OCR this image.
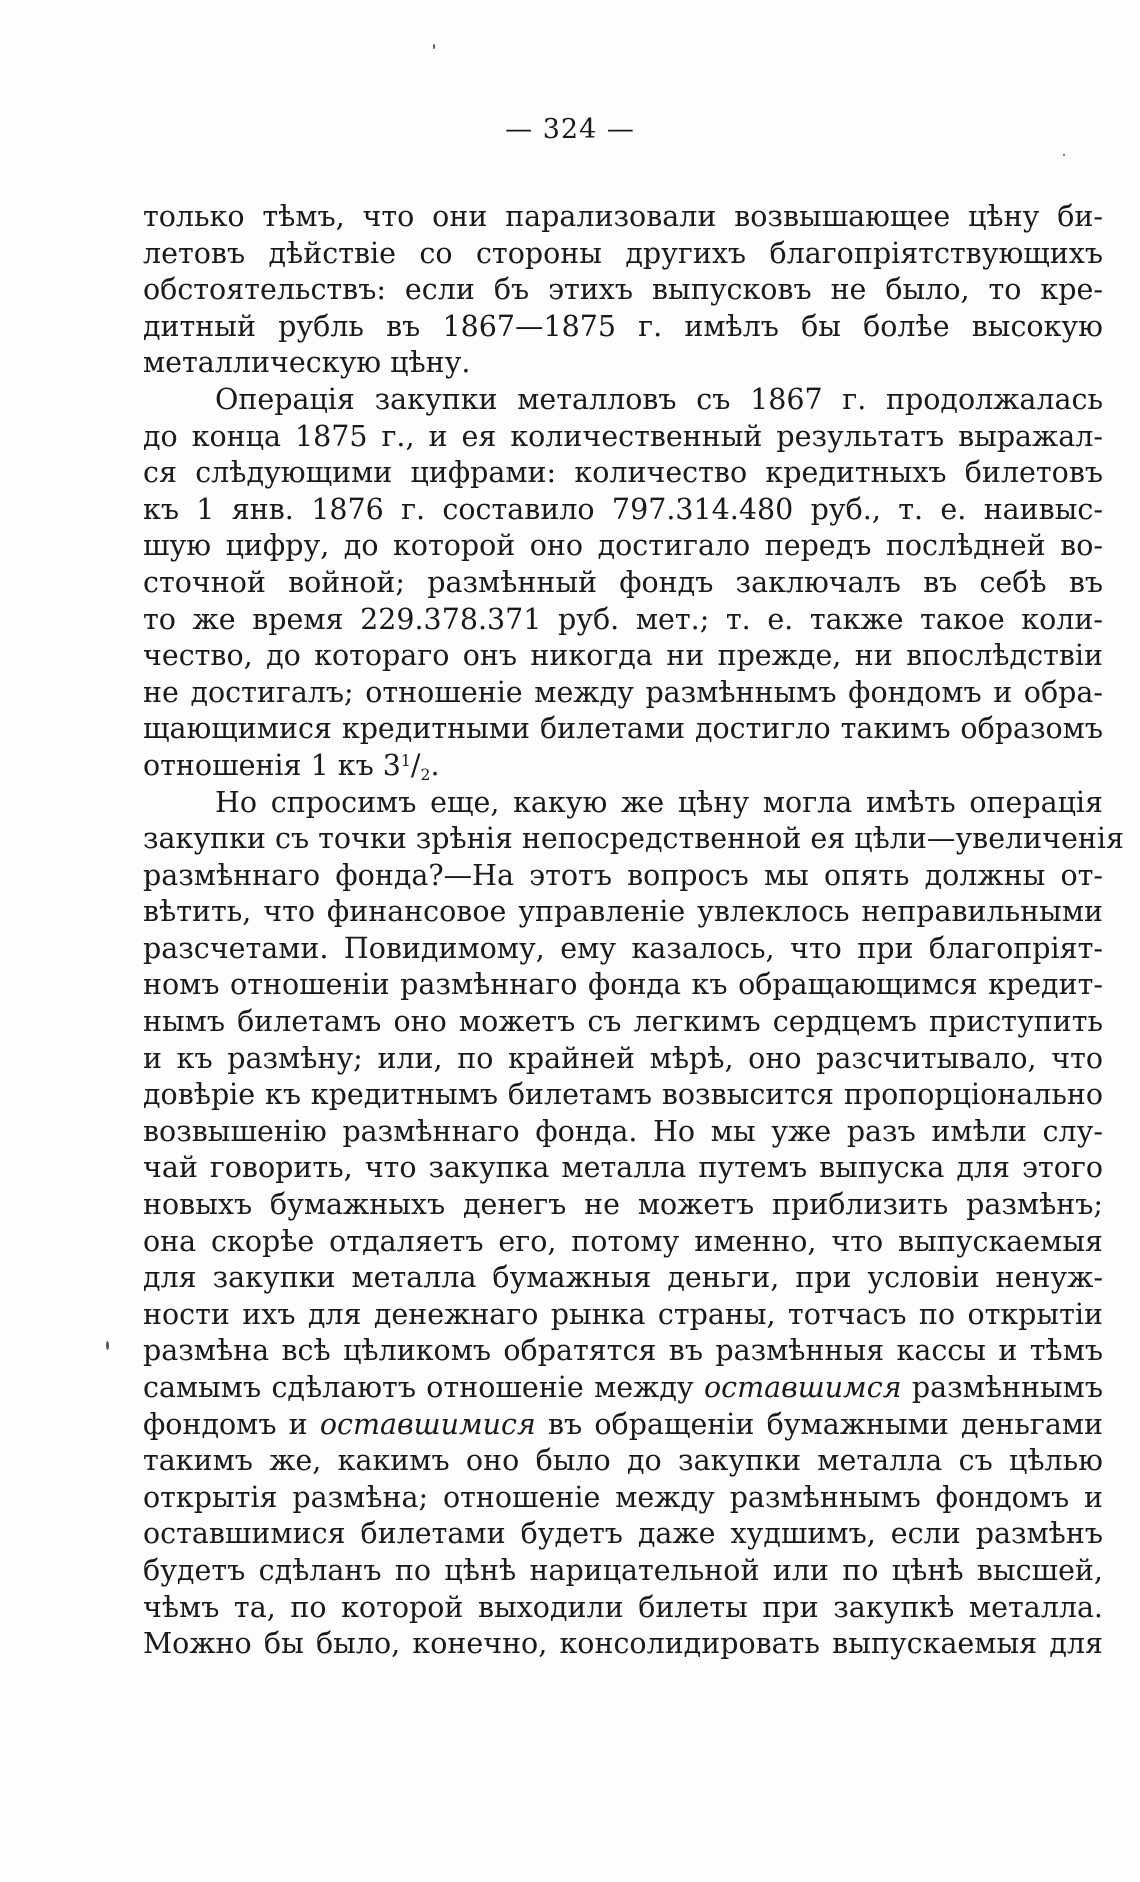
— 324 —
только тѣмъ, что они парализовали возвышающее цѣну би-
летовъ дѣйствіе со стороны другихъ благопріятствующихъ
обстоятельствъ: если бъ этихъ выпусковъ не было, то кре-
дитный рубль въ 1867—1875 г. имѣлъ бы болѣе высокую
металлическую цѣну.
Операція закупки металловъ съ 1867 г. продолжалась
до конца 1875 г., и ея количественный результатъ выражал-
ся слѣдующими цифрами: количество кредитныхъ билетовъ
къ 1 янв. 1876 г. составило 797.314.480 руб., т. е. наивыс-
шую цифру, до которой оно достигало передъ послѣдней во-
сточной войной; размѣнный фондъ заключалъ въ себѣ въ
то же время 229.378.371 руб. мет.; т. е. также такое коли-
чество, до котораго онъ никогда ни прежде, ни впослѣдствіи
не достигалъ; отношеніе между размѣннымъ фондомъ и обра-
щающимися кредитными билетами достигло такимъ образомъ
отношенія 1 къ $3^1/2$.
Но спросимъ еще, какую же цѣну могла имѣть операція
закупки съ точки зрѣнія непосредственной ея цѣли—увеличенія
размѣннаго фонда?—На этотъ вопросъ мы опять должны от-
вѣтить, что финансовое управленіе увлеклось неправильными
разсчетами. Повидимому, ему казалось, что при благопріят-
номъ отношеніи размѣннаго фонда къ обращающимся кредит-
нымъ билетамъ оно можетъ съ легкимъ сердцемъ приступить
и къ размѣну; или, по крайней мѣрѣ, оно разсчитывало, что
довѣріе къ кредитнымъ билетамъ возвысится пропорціонально
возвышенію размѣннаго фонда. Но мы уже разъ имѣли слу-
чай говорить, что закупка металла путемъ выпуска для этого
новыхъ бумажныхъ денегъ не можетъ приблизить размѣнъ;
она скорѣе отдаляетъ его, потому именно, что выпускаемыя
для закупки металла бумажныя деньги, при условіи ненуж-
ности ихъ для денежнаго рынка страны, тотчасъ по открытіи
размѣна всѣ цѣликомъ обратятся въ размѣнныя кассы и тѣмъ
самымъ сдѣлаютъ отношеніе между оставшимся размѣннымъ
фондомъ и оставшимися въ обращеніи бумажными деньгами
такимъ же, какимъ оно было до закупки металла съ цѣлью
открытія размѣна; отношеніе между размѣннымъ фондомъ и
оставшимися билетами будетъ даже худшимъ, если размѣнъ
будетъ сдѣланъ по цѣнѣ нарицательной или по цѣнѣ высшей,
чѣмъ та, по которой выходили билеты при закупкѣ металла.
Можно бы было, конечно, консолидировать выпускаемыя для
